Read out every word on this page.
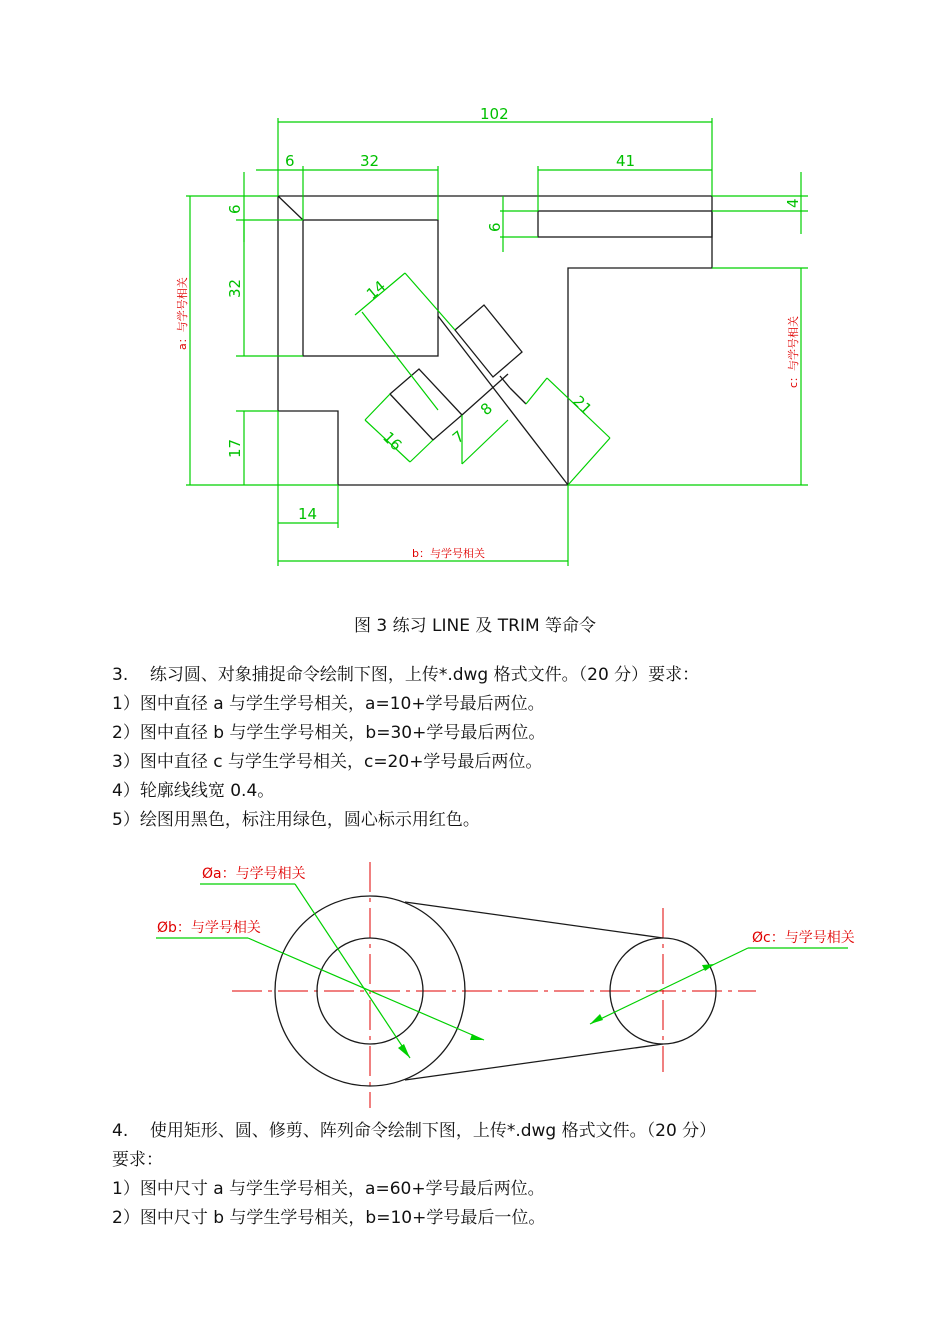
102
6	32	41
6
6
4
32
17
14
14
16	7
8	21
a：与学号相关
c：与学号相关
b：与学号相关
图 3 练习 LINE 及 TRIM 等命令

3.    练习圆、对象捕捉命令绘制下图，上传*.dwg 格式文件。（20 分）要求：

1）图中直径 a 与学生学号相关，a=10+学号最后两位。

2）图中直径 b 与学生学号相关，b=30+学号最后两位。

3）图中直径 c 与学生学号相关，c=20+学号最后两位。

4）轮廓线线宽 0.4。

5）绘图用黑色，标注用绿色，圆心标示用红色。

Øa：与学号相关
Øb：与学号相关
Øc：与学号相关

4.    使用矩形、圆、修剪、阵列命令绘制下图，上传*.dwg 格式文件。（20 分）

要求：

1）图中尺寸 a 与学生学号相关，a=60+学号最后两位。

2）图中尺寸 b 与学生学号相关，b=10+学号最后一位。
